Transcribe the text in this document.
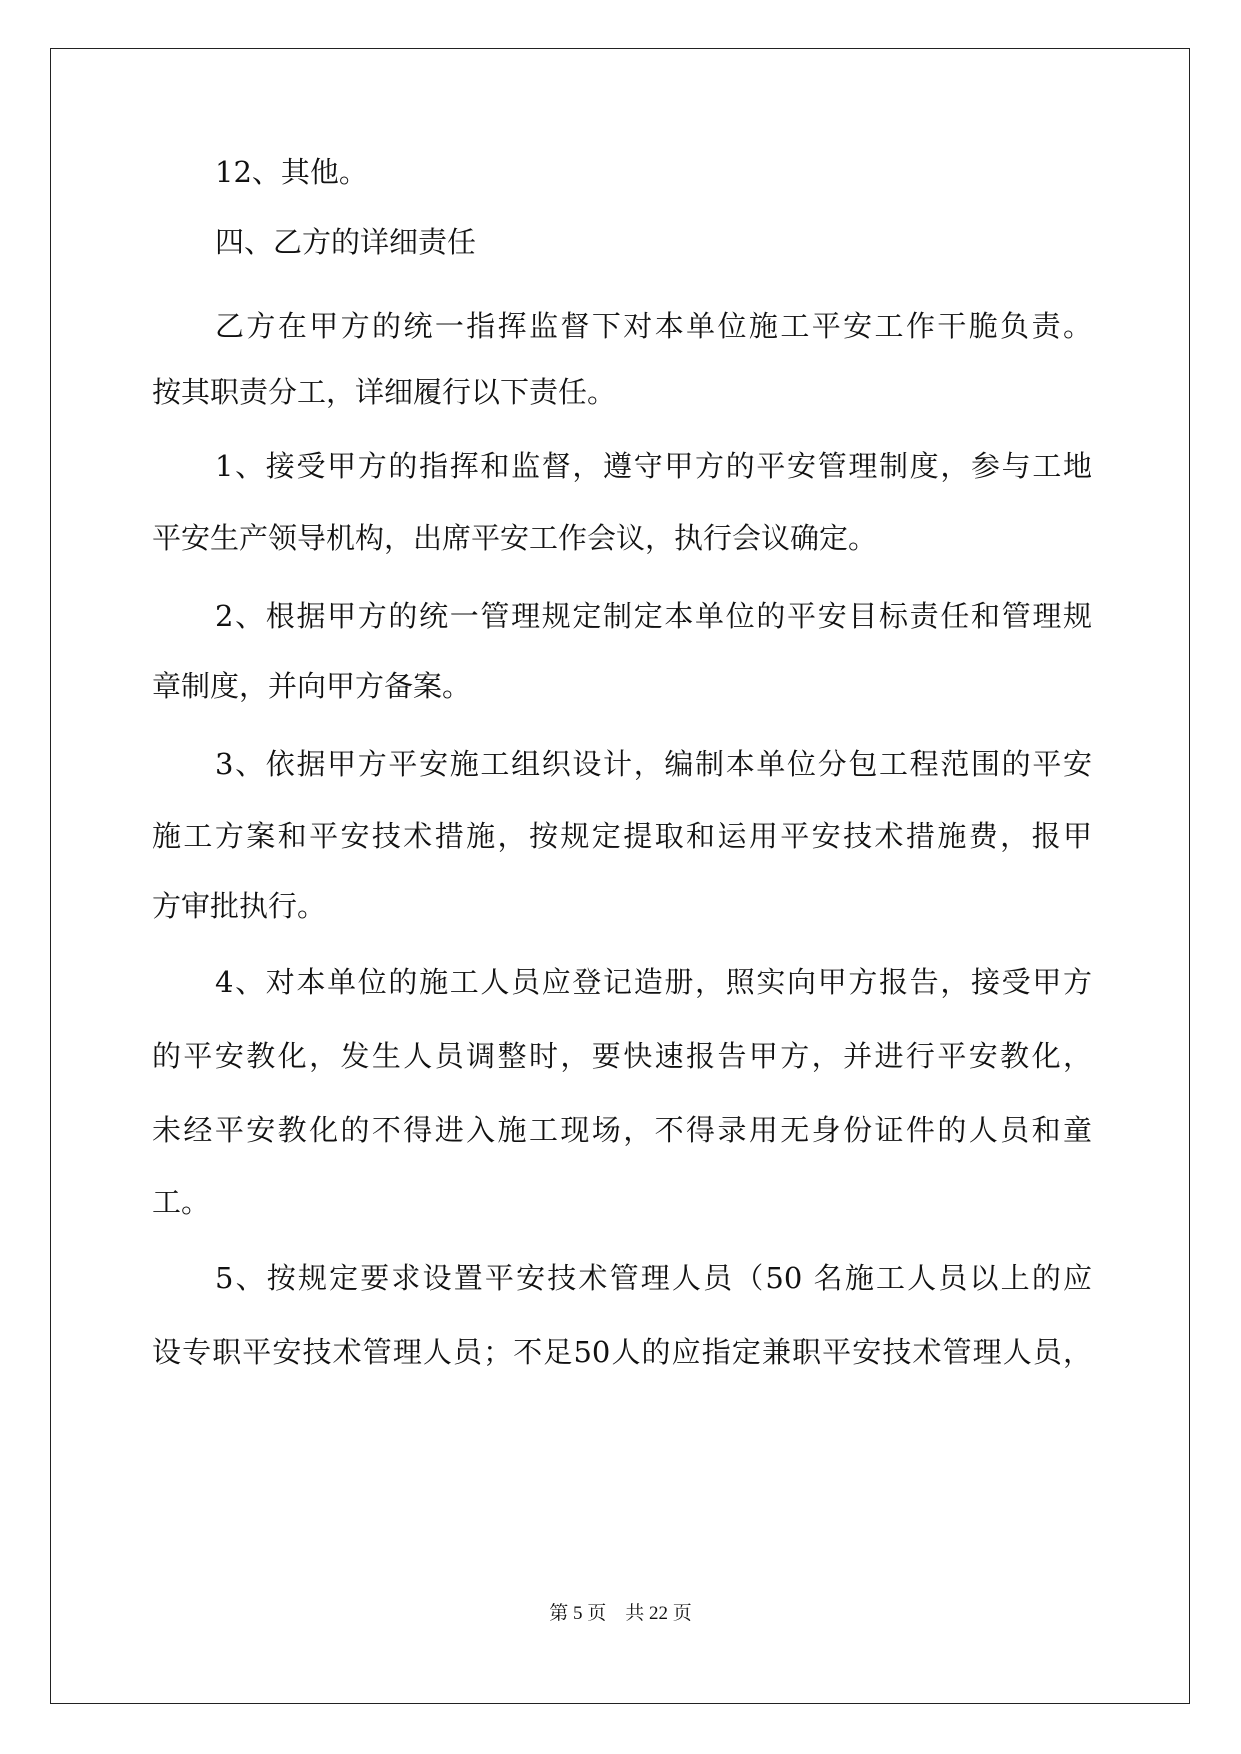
12、其他。

四、乙方的详细责任

乙方在甲方的统一指挥监督下对本单位施工平安工作干脆负责。

按其职责分工，详细履行以下责任。

1、接受甲方的指挥和监督，遵守甲方的平安管理制度，参与工地

平安生产领导机构，出席平安工作会议，执行会议确定。

2、根据甲方的统一管理规定制定本单位的平安目标责任和管理规

章制度，并向甲方备案。

3、依据甲方平安施工组织设计，编制本单位分包工程范围的平安

施工方案和平安技术措施，按规定提取和运用平安技术措施费，报甲

方审批执行。

4、对本单位的施工人员应登记造册，照实向甲方报告，接受甲方

的平安教化，发生人员调整时，要快速报告甲方，并进行平安教化，

未经平安教化的不得进入施工现场，不得录用无身份证件的人员和童

工。

5、按规定要求设置平安技术管理人员（50 名施工人员以上的应

设专职平安技术管理人员；不足50人的应指定兼职平安技术管理人员，

第 5 页 共 22 页
